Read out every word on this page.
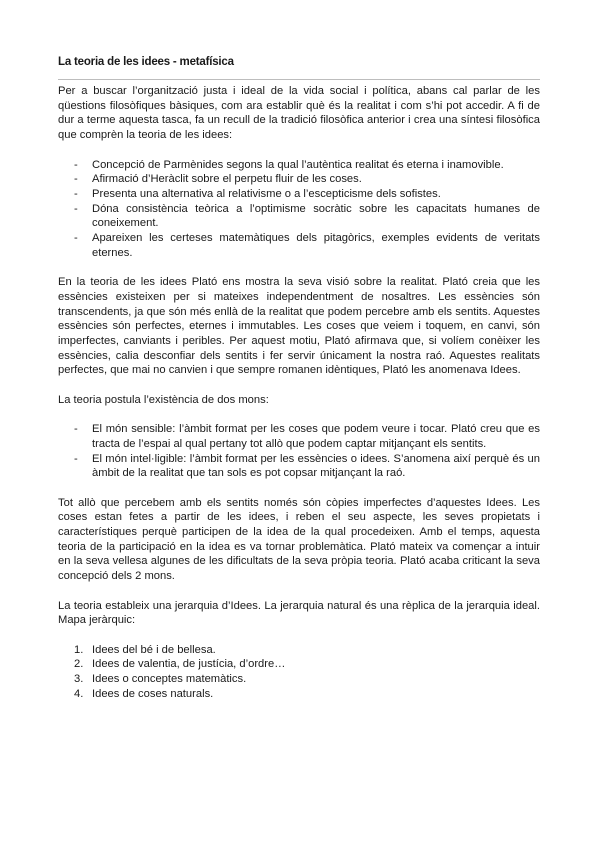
La teoria de les idees - metafísica

Per a buscar l’organització justa i ideal de la vida social i política, abans cal parlar de les qüestions filosòfiques bàsiques, com ara establir què és la realitat i com s’hi pot accedir. A fi de dur a terme aquesta tasca, fa un recull de la tradició filosòfica anterior i crea una síntesi filosòfica que comprèn la teoria de les idees:

- Concepció de Parmènides segons la qual l’autèntica realitat és eterna i inamovible.
- Afirmació d’Heràclit sobre el perpetu fluir de les coses.
- Presenta una alternativa al relativisme o a l’escepticisme dels sofistes.
- Dóna consistència teòrica a l’optimisme socràtic sobre les capacitats humanes de coneixement.
- Apareixen les certeses matemàtiques dels pitagòrics, exemples evidents de veritats eternes.

En la teoria de les idees Plató ens mostra la seva visió sobre la realitat. Plató creia que les essències existeixen per si mateixes independentment de nosaltres. Les essències són transcendents, ja que són més enllà de la realitat que podem percebre amb els sentits. Aquestes essències són perfectes, eternes i immutables. Les coses que veiem i toquem, en canvi, són imperfectes, canviants i peribles. Per aquest motiu, Plató afirmava que, si volíem conèixer les essències, calia desconfiar dels sentits i fer servir únicament la nostra raó. Aquestes realitats perfectes, que mai no canvien i que sempre romanen idèntiques, Plató les anomenava Idees.

La teoria postula l’existència de dos mons:

- El món sensible: l’àmbit format per les coses que podem veure i tocar. Plató creu que es tracta de l’espai al qual pertany tot allò que podem captar mitjançant els sentits.
- El món intel·ligible: l’àmbit format per les essències o idees. S’anomena així perquè és un àmbit de la realitat que tan sols es pot copsar mitjançant la raó.

Tot allò que percebem amb els sentits només són còpies imperfectes d’aquestes Idees. Les coses estan fetes a partir de les idees, i reben el seu aspecte, les seves propietats i característiques perquè participen de la idea de la qual procedeixen. Amb el temps, aquesta teoria de la participació en la idea es va tornar problemàtica. Plató mateix va començar a intuir en la seva vellesa algunes de les dificultats de la seva pròpia teoria. Plató acaba criticant la seva concepció dels 2 mons.

La teoria estableix una jerarquia d’Idees. La jerarquia natural és una rèplica de la jerarquia ideal. Mapa jeràrquic:

1. Idees del bé i de bellesa.
2. Idees de valentia, de justícia, d’ordre…
3. Idees o conceptes matemàtics.
4. Idees de coses naturals.
